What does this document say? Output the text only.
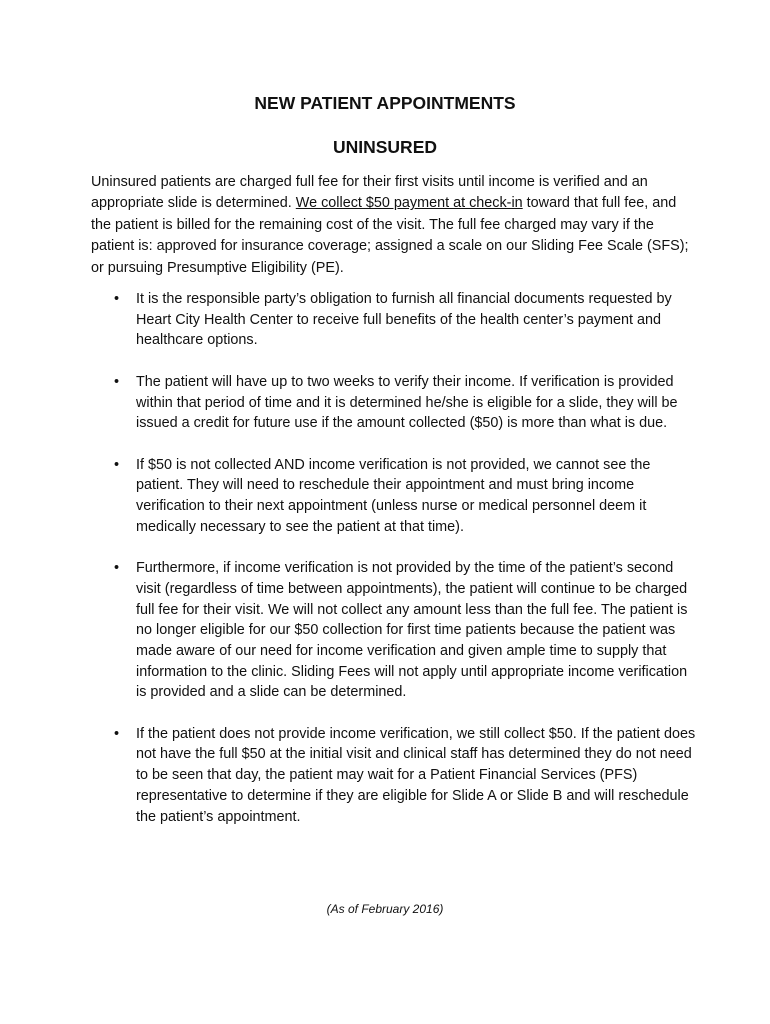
NEW PATIENT APPOINTMENTS
UNINSURED

Uninsured patients are charged full fee for their first visits until income is verified and an appropriate slide is determined. We collect $50 payment at check-in toward that full fee, and the patient is billed for the remaining cost of the visit. The full fee charged may vary if the patient is: approved for insurance coverage; assigned a scale on our Sliding Fee Scale (SFS); or pursuing Presumptive Eligibility (PE).

• It is the responsible party’s obligation to furnish all financial documents requested by Heart City Health Center to receive full benefits of the health center’s payment and healthcare options.
• The patient will have up to two weeks to verify their income. If verification is provided within that period of time and it is determined he/she is eligible for a slide, they will be issued a credit for future use if the amount collected ($50) is more than what is due.
• If $50 is not collected AND income verification is not provided, we cannot see the patient. They will need to reschedule their appointment and must bring income verification to their next appointment (unless nurse or medical personnel deem it medically necessary to see the patient at that time).
• Furthermore, if income verification is not provided by the time of the patient’s second visit (regardless of time between appointments), the patient will continue to be charged full fee for their visit. We will not collect any amount less than the full fee. The patient is no longer eligible for our $50 collection for first time patients because the patient was made aware of our need for income verification and given ample time to supply that information to the clinic. Sliding Fees will not apply until appropriate income verification is provided and a slide can be determined.
• If the patient does not provide income verification, we still collect $50. If the patient does not have the full $50 at the initial visit and clinical staff has determined they do not need to be seen that day, the patient may wait for a Patient Financial Services (PFS) representative to determine if they are eligible for Slide A or Slide B and will reschedule the patient’s appointment.

(As of February 2016)
